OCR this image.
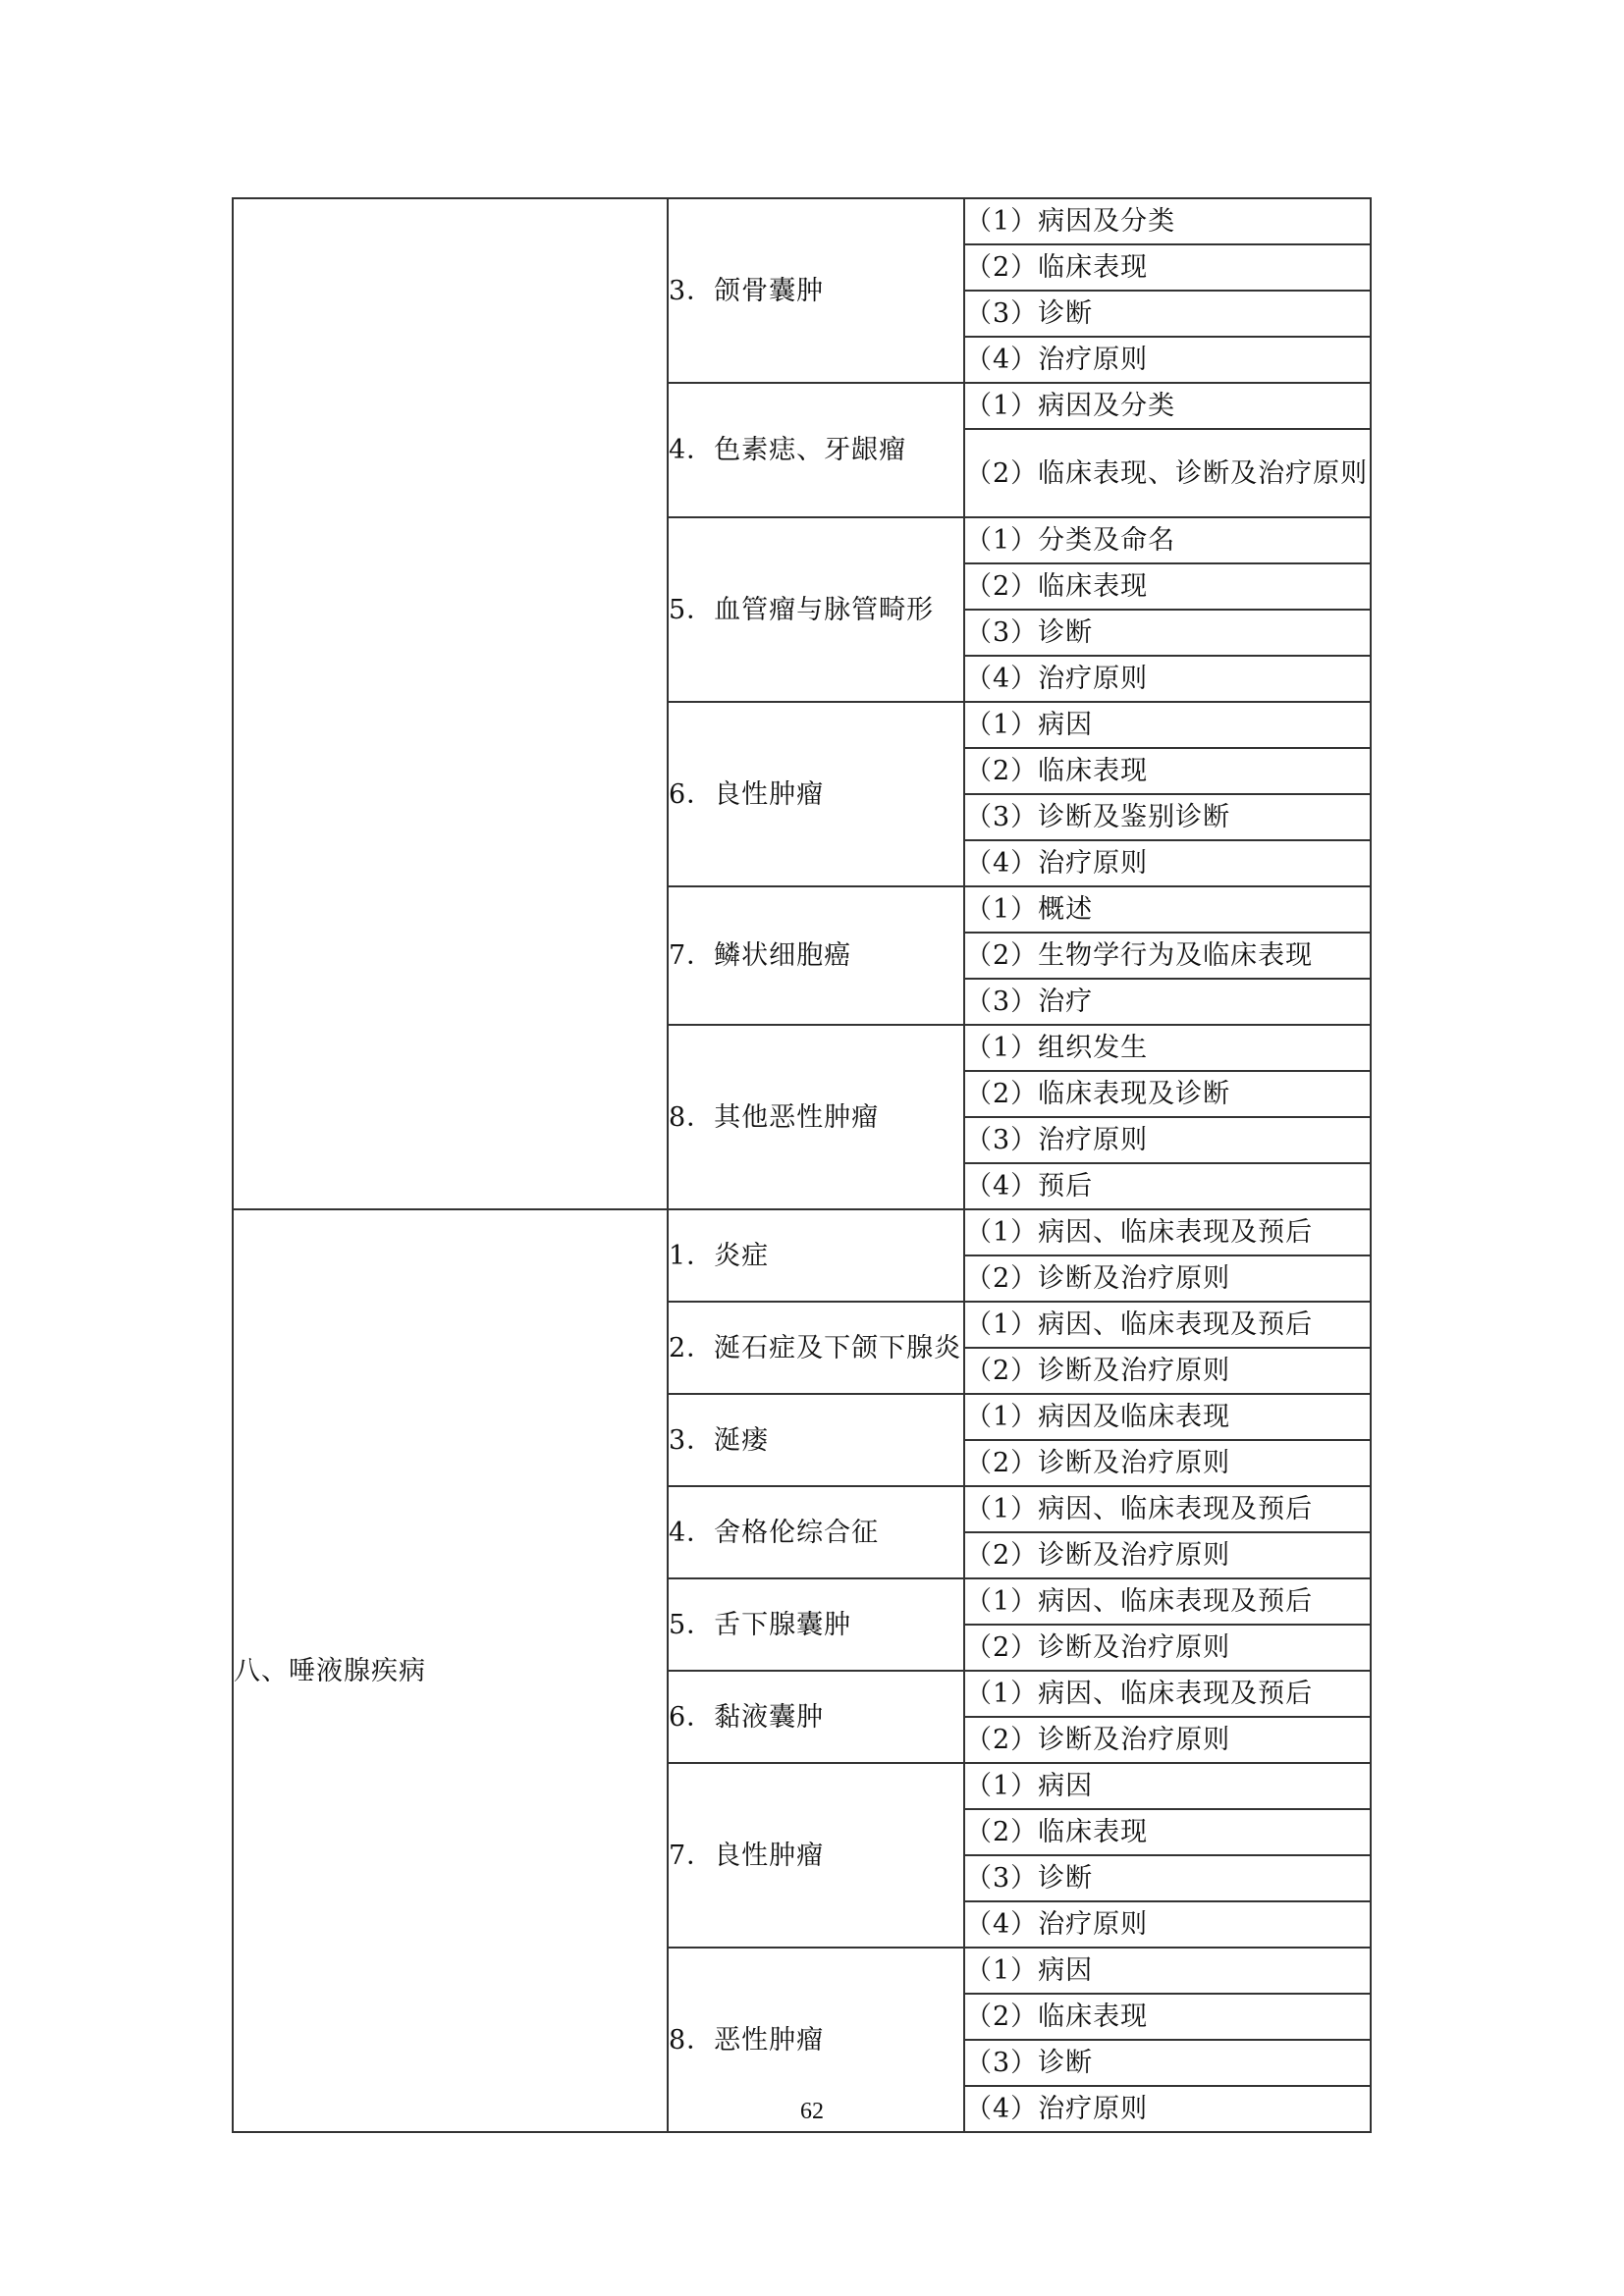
	3．颌骨囊肿	（1）病因及分类
		（2）临床表现
		（3）诊断
		（4）治疗原则
	4．色素痣、牙龈瘤	（1）病因及分类
		（2）临床表现、诊断及治疗原则

	5．血管瘤与脉管畸形	（1）分类及命名
		（2）临床表现
		（3）诊断
		（4）治疗原则
	6．良性肿瘤	（1）病因
		（2）临床表现
		（3）诊断及鉴别诊断
		（4）治疗原则
	7．鳞状细胞癌	（1）概述
		（2）生物学行为及临床表现
		（3）治疗
	8．其他恶性肿瘤	（1）组织发生
		（2）临床表现及诊断
		（3）治疗原则
		（4）预后
八、唾液腺疾病	1．炎症	（1）病因、临床表现及预后
		（2）诊断及治疗原则
	2．涎石症及下颌下腺炎	（1）病因、临床表现及预后
		（2）诊断及治疗原则
	3．涎瘘	（1）病因及临床表现
		（2）诊断及治疗原则
	4．舍格伦综合征	（1）病因、临床表现及预后
		（2）诊断及治疗原则
	5．舌下腺囊肿	（1）病因、临床表现及预后
		（2）诊断及治疗原则
	6．黏液囊肿	（1）病因、临床表现及预后
		（2）诊断及治疗原则
	7．良性肿瘤	（1）病因
		（2）临床表现
		（3）诊断
		（4）治疗原则
	8．恶性肿瘤	（1）病因
		（2）临床表现
		（3）诊断
		（4）治疗原则
62
